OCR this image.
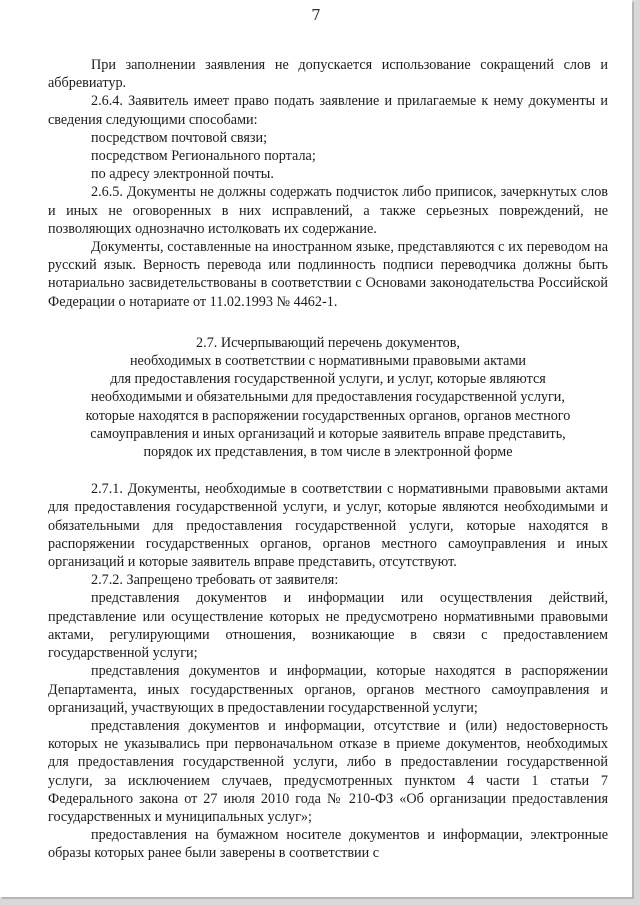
7

При заполнении заявления не допускается использование сокращений слов и аббревиатур.

2.6.4. Заявитель имеет право подать заявление и прилагаемые к нему документы и сведения следующими способами:

посредством почтовой связи;

посредством Регионального портала;

по адресу электронной почты.

2.6.5. Документы не должны содержать подчисток либо приписок, зачеркнутых слов и иных не оговоренных в них исправлений, а также серьезных повреждений, не позволяющих однозначно истолковать их содержание.

Документы, составленные на иностранном языке, представляются с их переводом на русский язык. Верность перевода или подлинность подписи переводчика должны быть нотариально засвидетельствованы в соответствии с Основами законодательства Российской Федерации о нотариате от 11.02.1993 № 4462-1.

2.7. Исчерпывающий перечень документов,

необходимых в соответствии с нормативными правовыми актами

для предоставления государственной услуги, и услуг, которые являются

необходимыми и обязательными для предоставления государственной услуги,

которые находятся в распоряжении государственных органов, органов местного

самоуправления и иных организаций и которые заявитель вправе представить,

порядок их представления, в том числе в электронной форме

2.7.1. Документы, необходимые в соответствии с нормативными правовыми актами для предоставления государственной услуги, и услуг, которые являются необходимыми и обязательными для предоставления государственной услуги, которые находятся в распоряжении государственных органов, органов местного самоуправления и иных организаций и которые заявитель вправе представить, отсутствуют.

2.7.2. Запрещено требовать от заявителя:

представления документов и информации или осуществления действий, представление или осуществление которых не предусмотрено нормативными правовыми актами, регулирующими отношения, возникающие в связи с предоставлением государственной услуги;

представления документов и информации, которые находятся в распоряжении Департамента, иных государственных органов, органов местного самоуправления и организаций, участвующих в предоставлении государственной услуги;

представления документов и информации, отсутствие и (или) недостоверность которых не указывались при первоначальном отказе в приеме документов, необходимых для предоставления государственной услуги, либо в предоставлении государственной услуги, за исключением случаев, предусмотренных пунктом 4 части 1 статьи 7 Федерального закона от 27 июля 2010 года № 210-ФЗ «Об организации предоставления государственных и муниципальных услуг»;

предоставления на бумажном носителе документов и информации, электронные образы которых ранее были заверены в соответствии с
